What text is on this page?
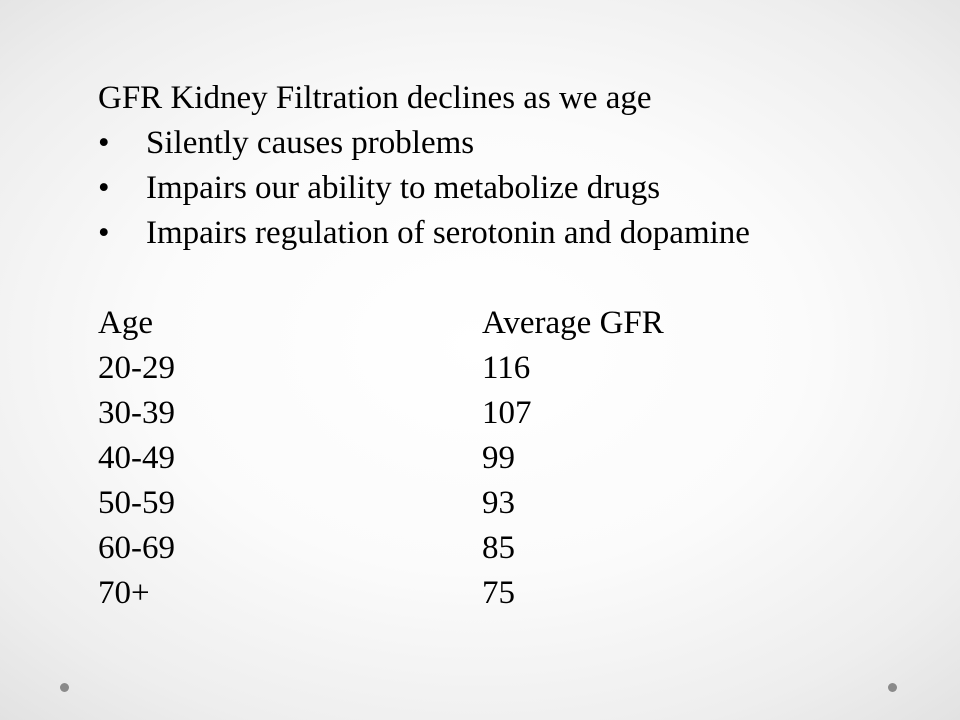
GFR Kidney Filtration declines as we age
•	Silently causes problems
•	Impairs our ability to metabolize drugs
•	Impairs regulation of serotonin and dopamine
Age	Average GFR
20-29	116
30-39	107
40-49	99
50-59	93
60-69	85
70+	75
